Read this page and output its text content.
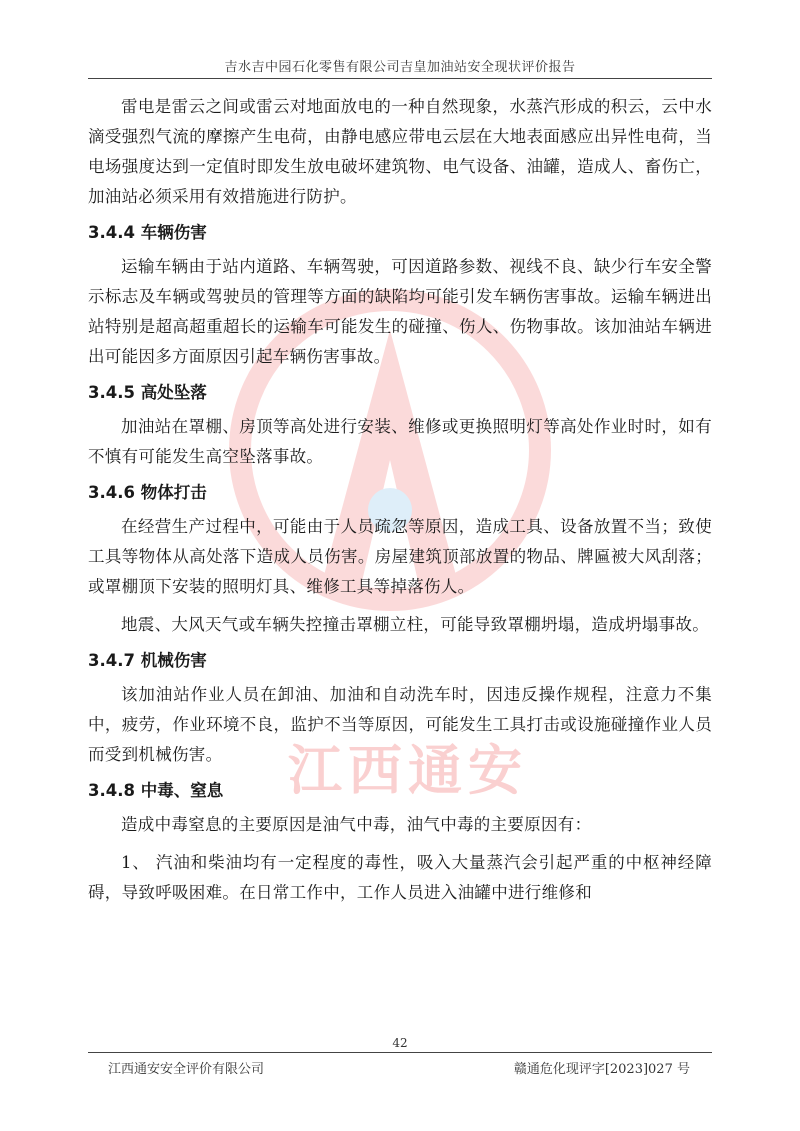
吉水吉中园石化零售有限公司吉皇加油站安全现状评价报告
江西通安

雷电是雷云之间或雷云对地面放电的一种自然现象，水蒸汽形成的积云，云中水滴受强烈气流的摩擦产生电荷，由静电感应带电云层在大地表面感应出异性电荷，当电场强度达到一定值时即发生放电破坏建筑物、电气设备、油罐，造成人、畜伤亡，加油站必须采用有效措施进行防护。

3.4.4 车辆伤害

运输车辆由于站内道路、车辆驾驶，可因道路参数、视线不良、缺少行车安全警示标志及车辆或驾驶员的管理等方面的缺陷均可能引发车辆伤害事故。运输车辆进出站特别是超高超重超长的运输车可能发生的碰撞、伤人、伤物事故。该加油站车辆进出可能因多方面原因引起车辆伤害事故。

3.4.5 高处坠落

加油站在罩棚、房顶等高处进行安装、维修或更换照明灯等高处作业时时，如有不慎有可能发生高空坠落事故。

3.4.6 物体打击

在经营生产过程中，可能由于人员疏忽等原因，造成工具、设备放置不当；致使工具等物体从高处落下造成人员伤害。房屋建筑顶部放置的物品、牌匾被大风刮落；或罩棚顶下安装的照明灯具、维修工具等掉落伤人。

地震、大风天气或车辆失控撞击罩棚立柱，可能导致罩棚坍塌，造成坍塌事故。

3.4.7 机械伤害

该加油站作业人员在卸油、加油和自动洗车时，因违反操作规程，注意力不集中，疲劳，作业环境不良，监护不当等原因，可能发生工具打击或设施碰撞作业人员而受到机械伤害。

3.4.8 中毒、窒息

造成中毒窒息的主要原因是油气中毒，油气中毒的主要原因有：

1、 汽油和柴油均有一定程度的毒性，吸入大量蒸汽会引起严重的中枢神经障碍，导致呼吸困难。在日常工作中，工作人员进入油罐中进行维修和

42
江西通安安全评价有限公司	赣通危化现评字[2023]027 号
